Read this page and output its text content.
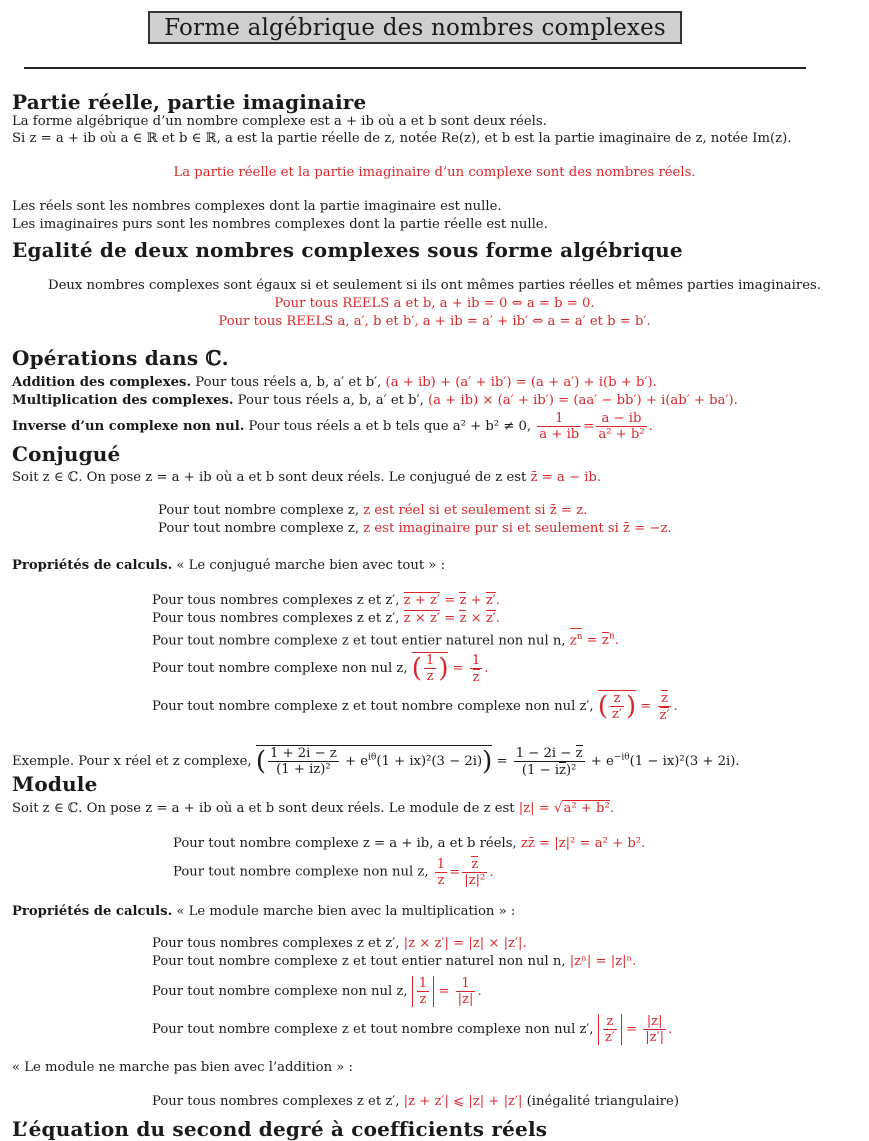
Forme algébrique des nombres complexes
Partie réelle, partie imaginaire
La forme algébrique d’un nombre complexe est a + ib où a et b sont deux réels.
Si z = a + ib où a ∈ ℝ et b ∈ ℝ, a est la partie réelle de z, notée Re(z), et b est la partie imaginaire de z, notée Im(z).
La partie réelle et la partie imaginaire d’un complexe sont des nombres réels.
Les réels sont les nombres complexes dont la partie imaginaire est nulle.
Les imaginaires purs sont les nombres complexes dont la partie réelle est nulle.
Egalité de deux nombres complexes sous forme algébrique
Deux nombres complexes sont égaux si et seulement si ils ont mêmes parties réelles et mêmes parties imaginaires.
Pour tous REELS a et b, a + ib = 0 ⇔ a = b = 0.
Pour tous REELS a, a′, b et b′, a + ib = a′ + ib′ ⇔ a = a′ et b = b′.
Opérations dans ℂ.
Addition des complexes. Pour tous réels a, b, a′ et b′, (a + ib) + (a′ + ib′) = (a + a′) + i(b + b′).
Multiplication des complexes. Pour tous réels a, b, a′ et b′, (a + ib) × (a′ + ib′) = (aa′ − bb′) + i(ab′ + ba′).
Inverse d’un complexe non nul. Pour tous réels a et b tels que a² + b² ≠ 0, $\frac{1}{a + ib} = \frac{a - ib}{\text{a² + b²}}$ .
Conjugué
Soit z ∈ ℂ. On pose z = a + ib où a et b sont deux réels. Le conjugué de z est z̄ = a − ib.
Pour tout nombre complexe z, z est réel si et seulement si z̄ = z.
Pour tout nombre complexe z, z est imaginaire pur si et seulement si z̄ = −z.
Propriétés de calculs. « Le conjugué marche bien avec tout » :
Pour tous nombres complexes z et z′, z + z′ = z + z′.
Pour tous nombres complexes z et z′, z × z′ = z × z′.
Pour tout nombre complexe z et tout entier naturel non nul n, $z^n = z^n$.
Pour tout nombre complexe non nul z, ( $\frac{1}{z}$ ) = $\frac{1}{z}$ .
Pour tout nombre complexe z et tout nombre complexe non nul z′, ( $\frac{z}{z'}$ ) = $\frac{z}{z'}$ .
Exemple. Pour x réel et z complexe, ( $\frac{1 + 2i - z}{\text{(1 + iz)²}} + e^{i\theta}(1 + ix)^2(3 - 2i)) = \frac{1 - 2i - z}{\text{(1 − iz)²}} + e^{-i\theta}(1 - ix)^2(3 + 2i)$.
Module
Soit z ∈ ℂ. On pose z = a + ib où a et b sont deux réels. Le module de z est |z| = √a² + b².
Pour tout nombre complexe z = a + ib, a et b réels, zz̄ = |z|² = a² + b².
Pour tout nombre complexe non nul z, $\frac{1}{z} = \frac{z}{\text{|z|²}}$ .
Propriétés de calculs. « Le module marche bien avec la multiplication » :
Pour tous nombres complexes z et z′, |z × z′| = |z| × |z′|.
Pour tout nombre complexe z et tout entier naturel non nul n, |zⁿ| = |z|ⁿ.
Pour tout nombre complexe non nul z, $\frac{1}{z} = \frac{1}{|z|}$ .
Pour tout nombre complexe z et tout nombre complexe non nul z′, $\frac{z}{z'} = \frac{|z|}{|z'|}$ .
« Le module ne marche pas bien avec l’addition » :
Pour tous nombres complexes z et z′, |z + z′| ⩽ |z| + |z′| (inégalité triangulaire)
L’équation du second degré à coefficients réels
